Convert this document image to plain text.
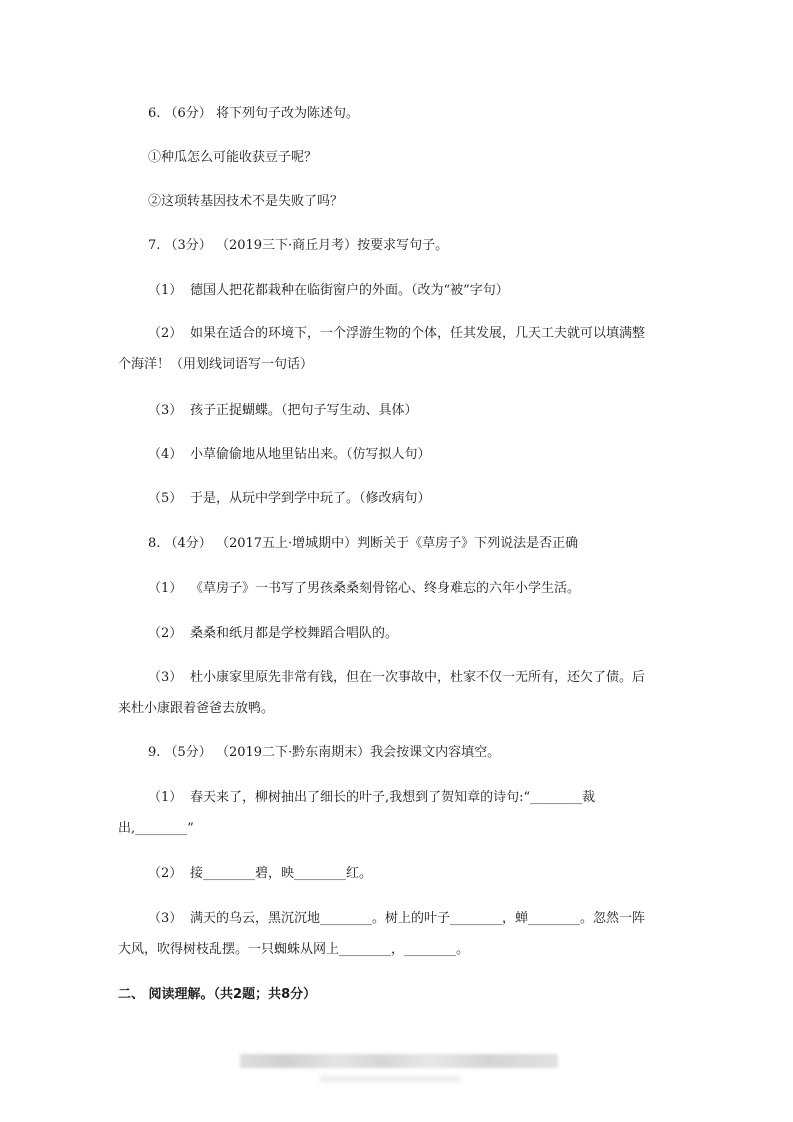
6. （6分） 将下列句子改为陈述句。
①种瓜怎么可能收获豆子呢？
②这项转基因技术不是失败了吗？
7. （3分） （2019三下·商丘月考）按要求写句子。
（1） 德国人把花都栽种在临街窗户的外面。（改为“被”字句）
（2） 如果在适合的环境下，一个浮游生物的个体，任其发展，几天工夫就可以填满整
个海洋！（用划线词语写一句话）
（3） 孩子正捉蝴蝶。（把句子写生动、具体）
（4） 小草偷偷地从地里钻出来。（仿写拟人句）
（5） 于是，从玩中学到学中玩了。（修改病句）
8. （4分） （2017五上·增城期中）判断关于《草房子》下列说法是否正确
（1） 《草房子》一书写了男孩桑桑刻骨铭心、终身难忘的六年小学生活。
（2） 桑桑和纸月都是学校舞蹈合唱队的。
（3） 杜小康家里原先非常有钱，但在一次事故中，杜家不仅一无所有，还欠了债。后
来杜小康跟着爸爸去放鸭。
9. （5分） （2019二下·黔东南期末）我会按课文内容填空。
（1） 春天来了，柳树抽出了细长的叶子,我想到了贺知章的诗句:“________裁
出,________”
（2） 接________碧，映________红。
（3） 满天的乌云，黑沉沉地________。树上的叶子________，蝉________。忽然一阵
大风，吹得树枝乱摆。一只蜘蛛从网上________，________。
二、 阅读理解。（共2题；共8分）
